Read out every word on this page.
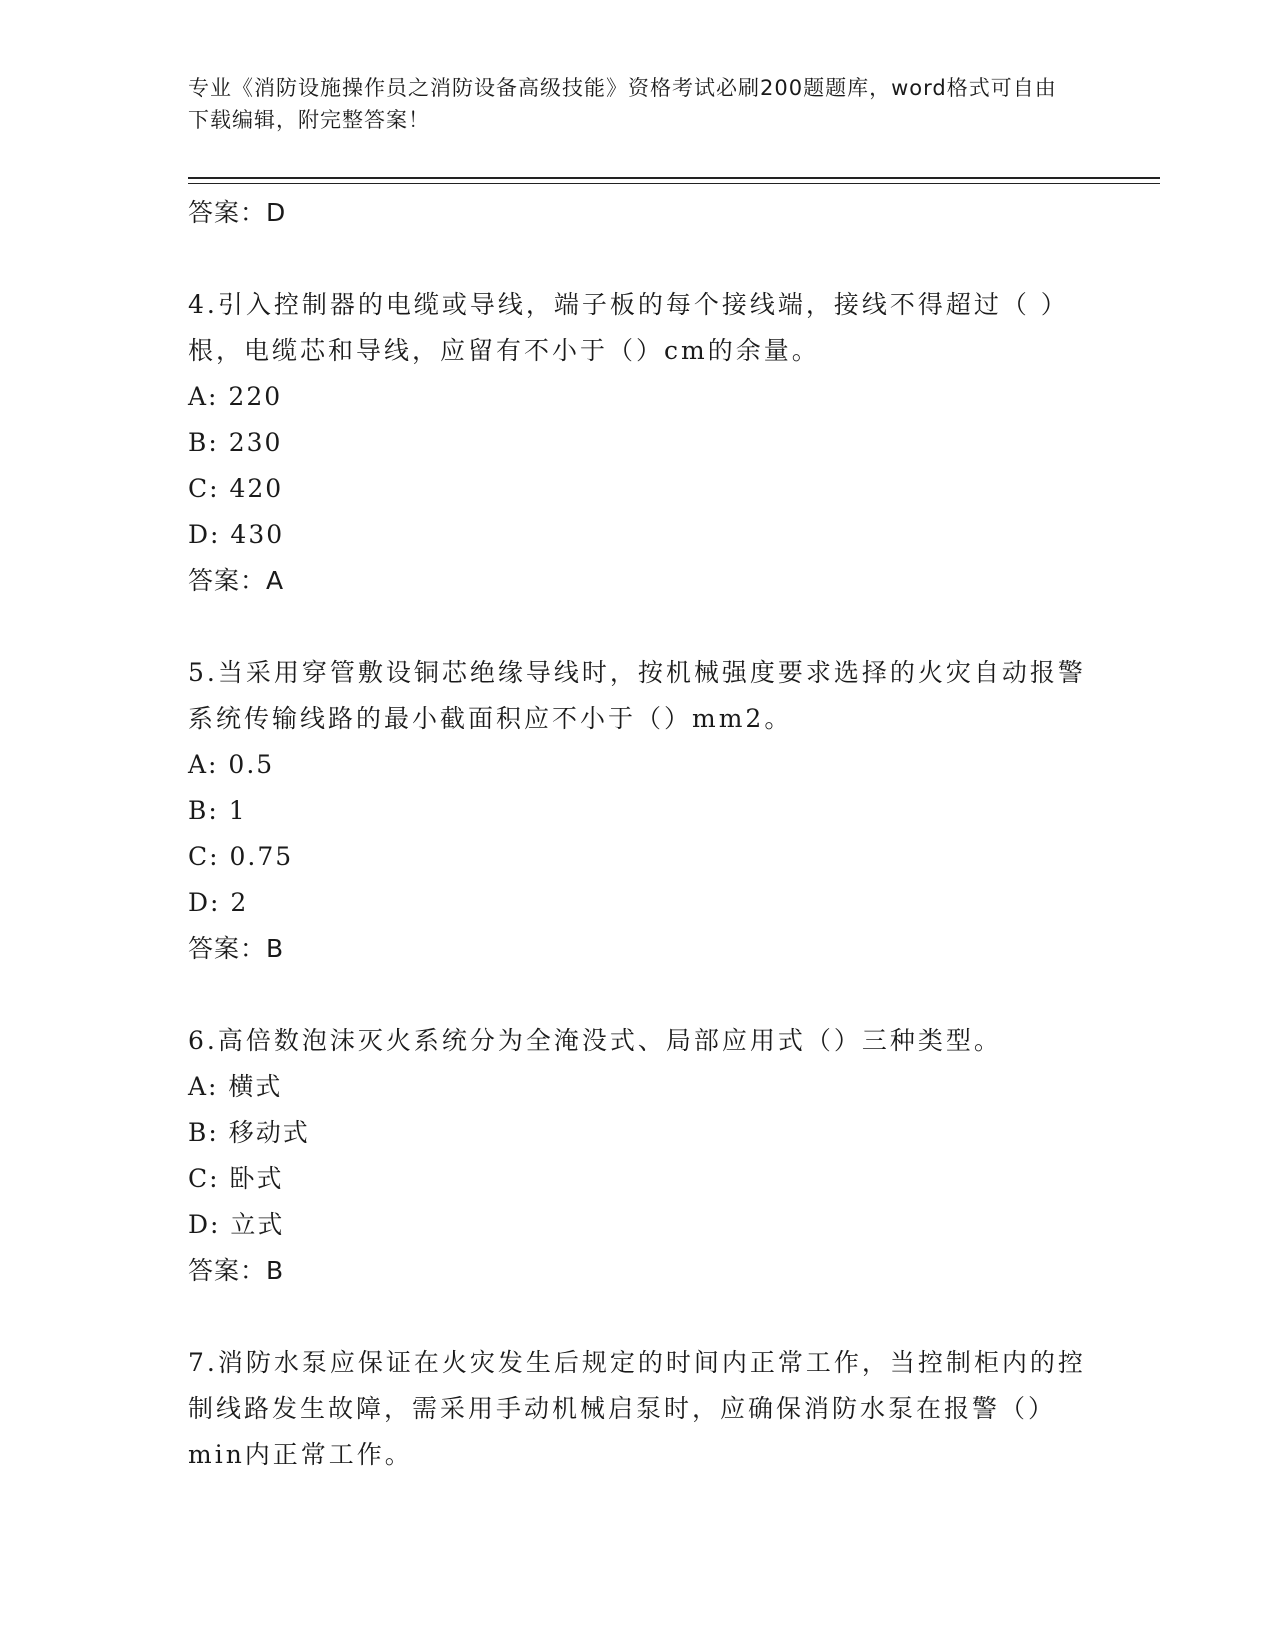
专业《消防设施操作员之消防设备高级技能》资格考试必刷200题题库，word格式可自由下载编辑，附完整答案！
答案：D
4.引入控制器的电缆或导线，端子板的每个接线端，接线不得超过（ ）根，电缆芯和导线，应留有不小于（）cm的余量。
A: 220
B: 230
C: 420
D: 430
答案：A
5.当采用穿管敷设铜芯绝缘导线时，按机械强度要求选择的火灾自动报警系统传输线路的最小截面积应不小于（）mm2。
A: 0.5
B: 1
C: 0.75
D: 2
答案：B
6.高倍数泡沫灭火系统分为全淹没式、局部应用式（）三种类型。
A: 横式
B: 移动式
C: 卧式
D: 立式
答案：B
7.消防水泵应保证在火灾发生后规定的时间内正常工作，当控制柜内的控制线路发生故障，需采用手动机械启泵时，应确保消防水泵在报警（）min内正常工作。
